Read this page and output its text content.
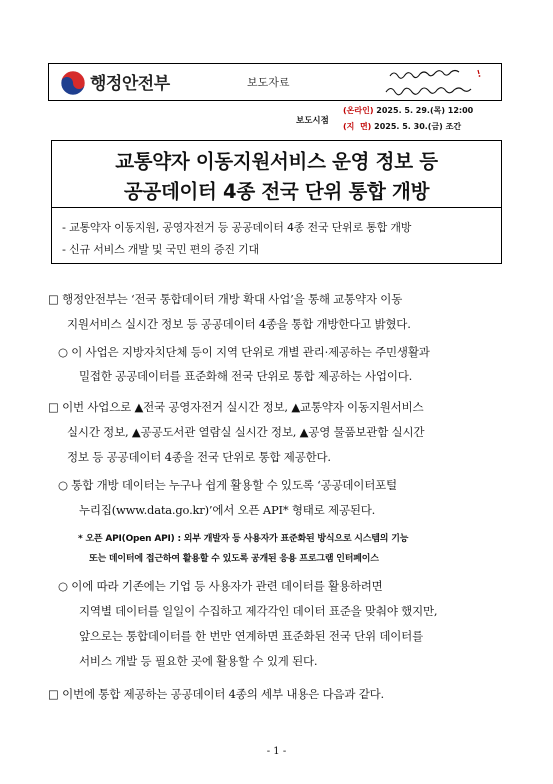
행정안전부	보도자료
보도시점
(온라인) 2025. 5. 29.(목) 12:00
(지  면) 2025. 5. 30.(금) 조간
교통약자 이동지원서비스 운영 정보 등
공공데이터 4종 전국 단위 통합 개방
- 교통약자 이동지원, 공영자전거 등 공공데이터 4종 전국 단위로 통합 개방
- 신규 서비스 개발 및 국민 편의 증진 기대
□ 행정안전부는 ‘전국 통합데이터 개방 확대 사업’을 통해 교통약자 이동
지원서비스 실시간 정보 등 공공데이터 4종을 통합 개방한다고 밝혔다.
○ 이 사업은 지방자치단체 등이 지역 단위로 개별 관리·제공하는 주민생활과
밀접한 공공데이터를 표준화해 전국 단위로 통합 제공하는 사업이다.
□ 이번 사업으로 ▲전국 공영자전거 실시간 정보, ▲교통약자 이동지원서비스
실시간 정보, ▲공공도서관 열람실 실시간 정보, ▲공영 물품보관함 실시간
정보 등 공공데이터 4종을 전국 단위로 통합 제공한다.
○ 통합 개방 데이터는 누구나 쉽게 활용할 수 있도록 ‘공공데이터포털
누리집(www.data.go.kr)’에서 오픈 API* 형태로 제공된다.
* 오픈 API(Open API) : 외부 개발자 등 사용자가 표준화된 방식으로 시스템의 기능
또는 데이터에 접근하여 활용할 수 있도록 공개된 응용 프로그램 인터페이스
○ 이에 따라 기존에는 기업 등 사용자가 관련 데이터를 활용하려면
지역별 데이터를 일일이 수집하고 제각각인 데이터 표준을 맞춰야 했지만,
앞으로는 통합데이터를 한 번만 연계하면 표준화된 전국 단위 데이터를
서비스 개발 등 필요한 곳에 활용할 수 있게 된다.
□ 이번에 통합 제공하는 공공데이터 4종의 세부 내용은 다음과 같다.
- 1 -
